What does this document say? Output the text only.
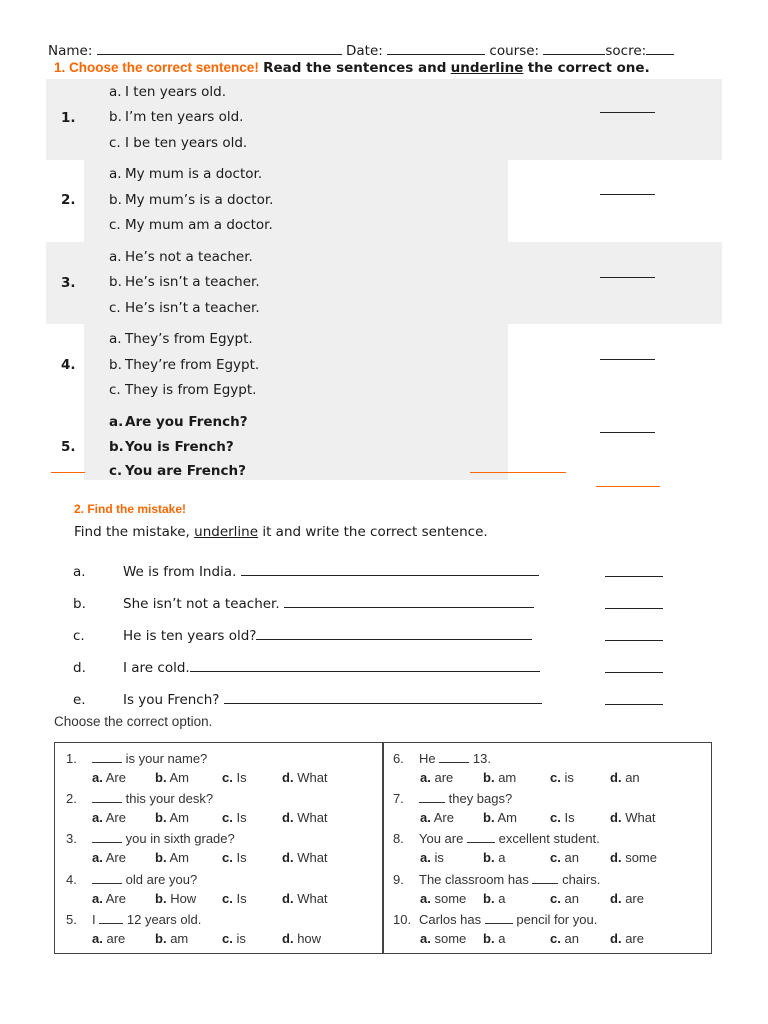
Name:	Date:	course:	socre:
1. Choose the correct sentence! Read the sentences and underline the correct one.
1.
a. I ten years old.
b. I’m ten years old.
c. I be ten years old.
2.
a. My mum is a doctor.
b. My mum’s is a doctor.
c. My mum am a doctor.
3.
a. He’s not a teacher.
b. He’s isn’t a teacher.
c. He’s isn’t a teacher.
4.
a. They’s from Egypt.
b. They’re from Egypt.
c. They is from Egypt.
5.
a. Are you French?
b.You is French?
c. You are French?
2. Find the mistake!
Find the mistake, underline it and write the correct sentence.
a.	We is from India.
b.	She isn’t not a teacher.
c.	He is ten years old?
d.	I are cold.
e.	Is you French?
Choose the correct option.
1.	is your name?
a. Are b. Am	c. Is	d. What
2.	this your desk?
a. Are b. Am	c. Is	d. What
3.	you in sixth grade?
a. Are b. Am	c. Is	d. What
4.	old are you?
a. Are b. How c. Is	d. What
5. I 12 years old.
a. are b. am	c. is	d. how
6. He	13.
a. are b. am	c. is	d. an
7.	they bags?
a. Are b. Am	c. Is	d. What
8. You are	excellent student.
a. is	b. a	c. an d. some
9. The classroom has	chairs.
a. some b. a	c. an d. are
10. Carlos has	pencil for you.
a. some b. a	c. an d. are
